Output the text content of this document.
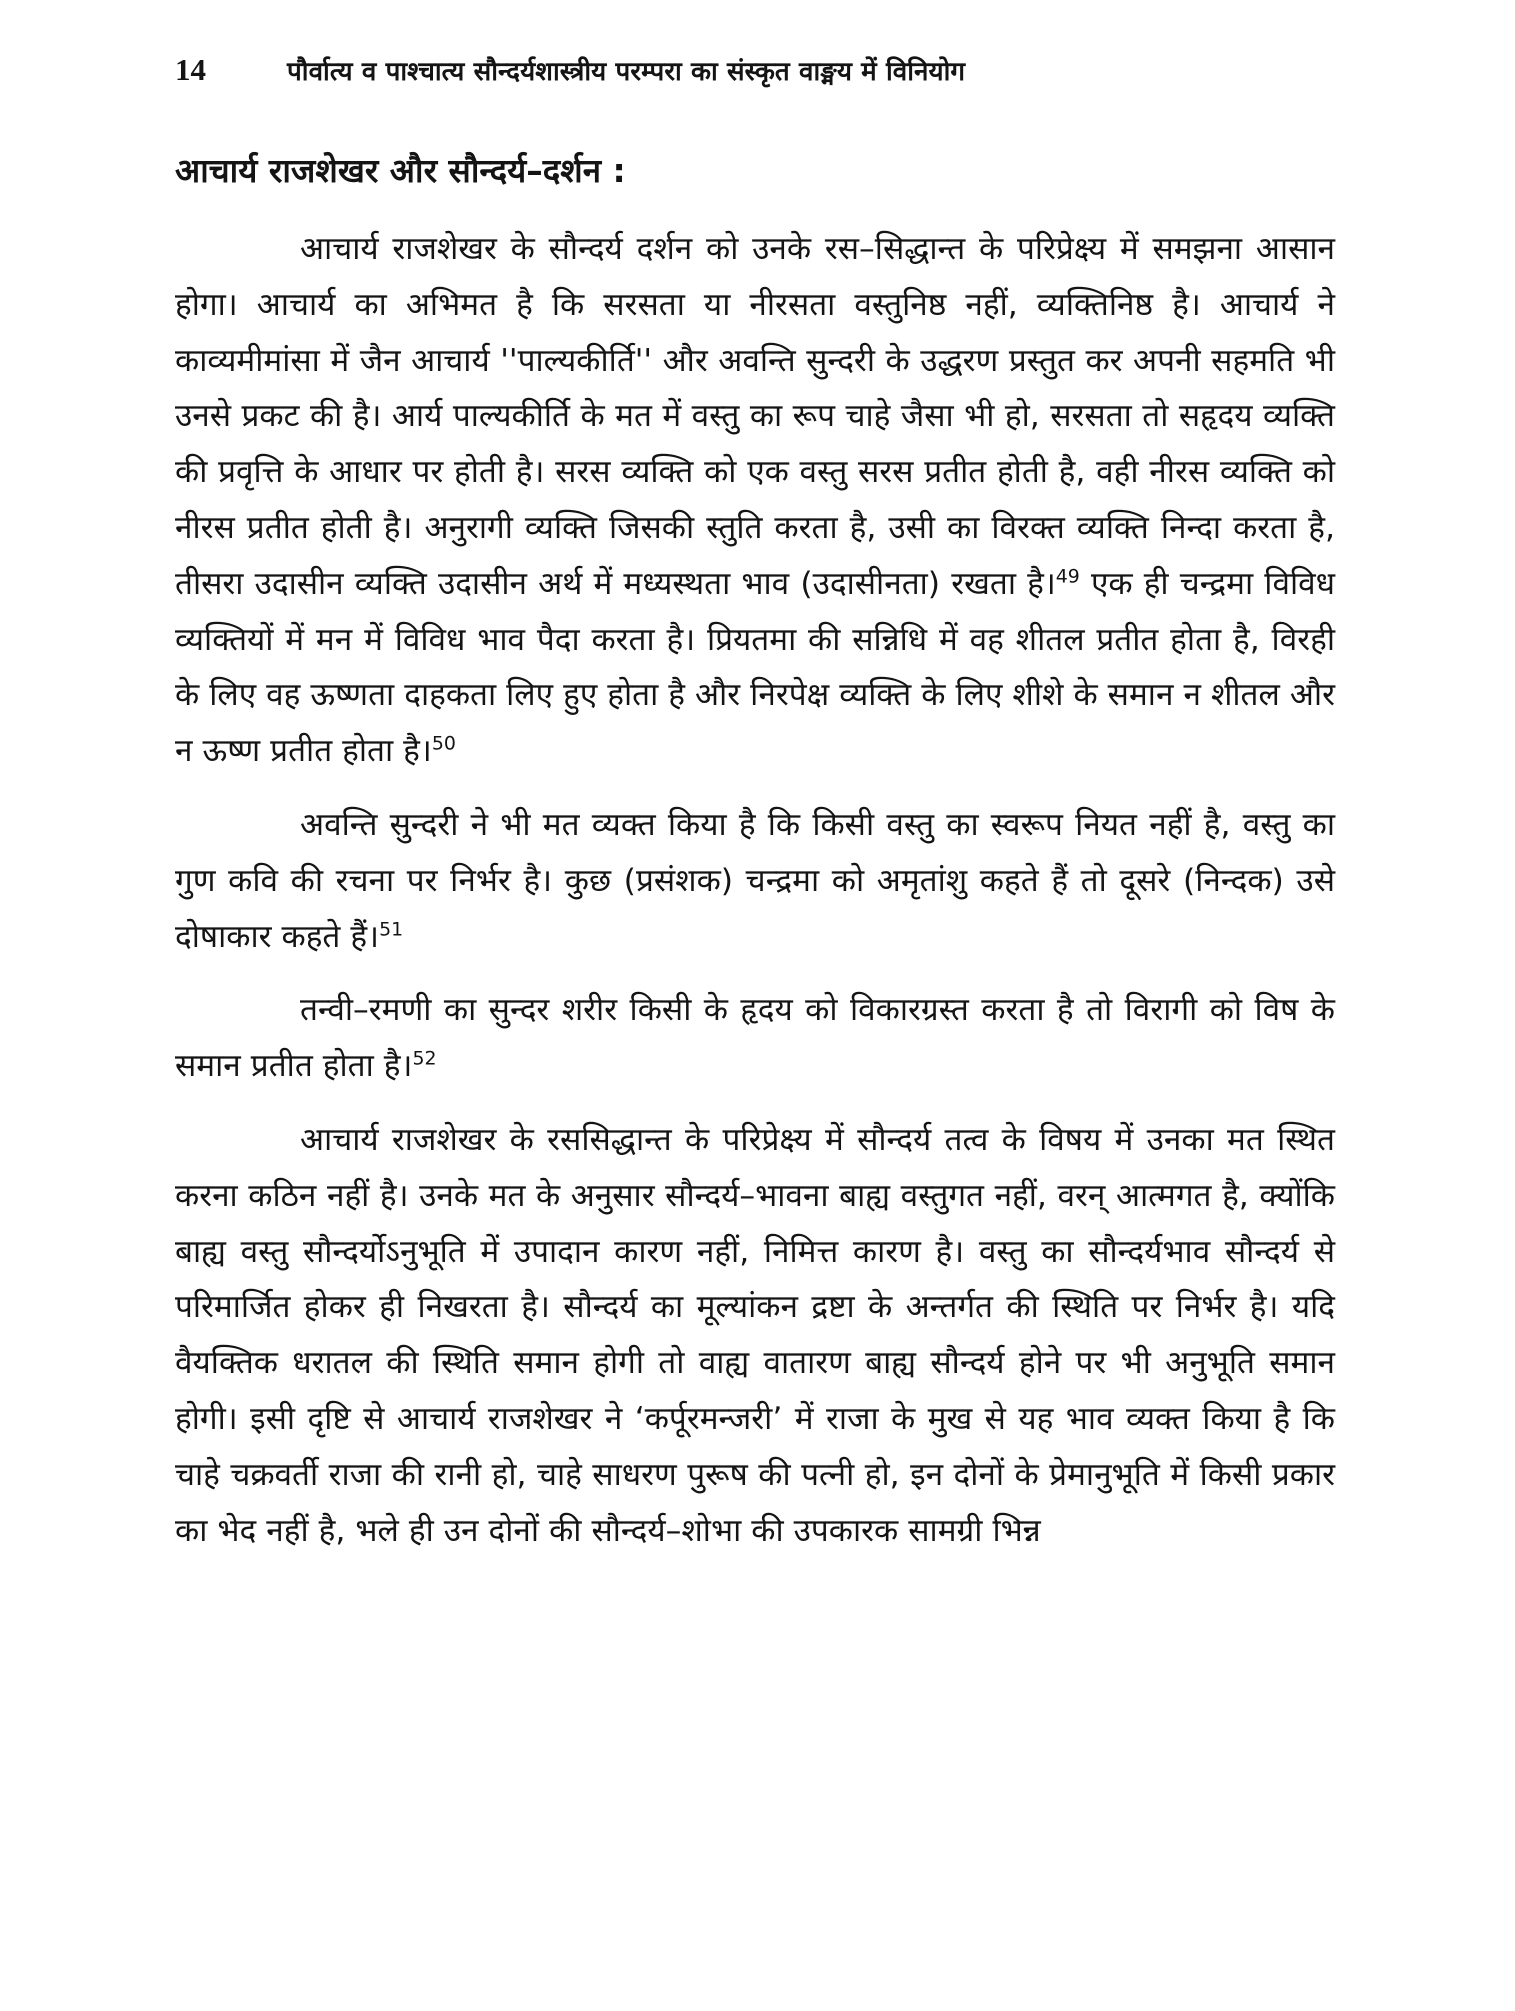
14	पौर्वात्य व पाश्चात्य सौन्दर्यशास्त्रीय परम्परा का संस्कृत वाङ्मय में विनियोग
आचार्य राजशेखर और सौन्दर्य–दर्शन :

आचार्य राजशेखर के सौन्दर्य दर्शन को उनके रस–सिद्धान्त के परिप्रेक्ष्य में समझना आसान होगा। आचार्य का अभिमत है कि सरसता या नीरसता वस्तुनिष्ठ नहीं, व्यक्तिनिष्ठ है। आचार्य ने काव्यमीमांसा में जैन आचार्य ''पाल्यकीर्ति'' और अवन्ति सुन्दरी के उद्धरण प्रस्तुत कर अपनी सहमति भी उनसे प्रकट की है। आर्य पाल्यकीर्ति के मत में वस्तु का रूप चाहे जैसा भी हो, सरसता तो सहृदय व्यक्ति की प्रवृत्ति के आधार पर होती है। सरस व्यक्ति को एक वस्तु सरस प्रतीत होती है, वही नीरस व्यक्ति को नीरस प्रतीत होती है। अनुरागी व्यक्ति जिसकी स्तुति करता है, उसी का विरक्त व्यक्ति निन्दा करता है, तीसरा उदासीन व्यक्ति उदासीन अर्थ में मध्यस्थता भाव (उदासीनता) रखता है।$^{49}$ एक ही चन्द्रमा विविध व्यक्तियों में मन में विविध भाव पैदा करता है। प्रियतमा की सन्निधि में वह शीतल प्रतीत होता है, विरही के लिए वह ऊष्णता दाहकता लिए हुए होता है और निरपेक्ष व्यक्ति के लिए शीशे के समान न शीतल और न ऊष्ण प्रतीत होता है।$^{50}$

अवन्ति सुन्दरी ने भी मत व्यक्त किया है कि किसी वस्तु का स्वरूप नियत नहीं है, वस्तु का गुण कवि की रचना पर निर्भर है। कुछ (प्रसंशक) चन्द्रमा को अमृतांशु कहते हैं तो दूसरे (निन्दक) उसे दोषाकार कहते हैं।$^{51}$

तन्वी–रमणी का सुन्दर शरीर किसी के हृदय को विकारग्रस्त करता है तो विरागी को विष के समान प्रतीत होता है।$^{52}$

आचार्य राजशेखर के रससिद्धान्त के परिप्रेक्ष्य में सौन्दर्य तत्व के विषय में उनका मत स्थित करना कठिन नहीं है। उनके मत के अनुसार सौन्दर्य–भावना बाह्य वस्तुगत नहीं, वरन् आत्मगत है, क्योंकि बाह्य वस्तु सौन्दर्योऽनुभूति में उपादान कारण नहीं, निमित्त कारण है। वस्तु का सौन्दर्यभाव सौन्दर्य से परिमार्जित होकर ही निखरता है। सौन्दर्य का मूल्यांकन द्रष्टा के अन्तर्गत की स्थिति पर निर्भर है। यदि वैयक्तिक धरातल की स्थिति समान होगी तो वाह्य वातारण बाह्य सौन्दर्य होने पर भी अनुभूति समान होगी। इसी दृष्टि से आचार्य राजशेखर ने ‘कर्पूरमन्जरी’ में राजा के मुख से यह भाव व्यक्त किया है कि चाहे चक्रवर्ती राजा की रानी हो, चाहे साधरण पुरूष की पत्नी हो, इन दोनों के प्रेमानुभूति में किसी प्रकार का भेद नहीं है, भले ही उन दोनों की सौन्दर्य–शोभा की उपकारक सामग्री भिन्न
